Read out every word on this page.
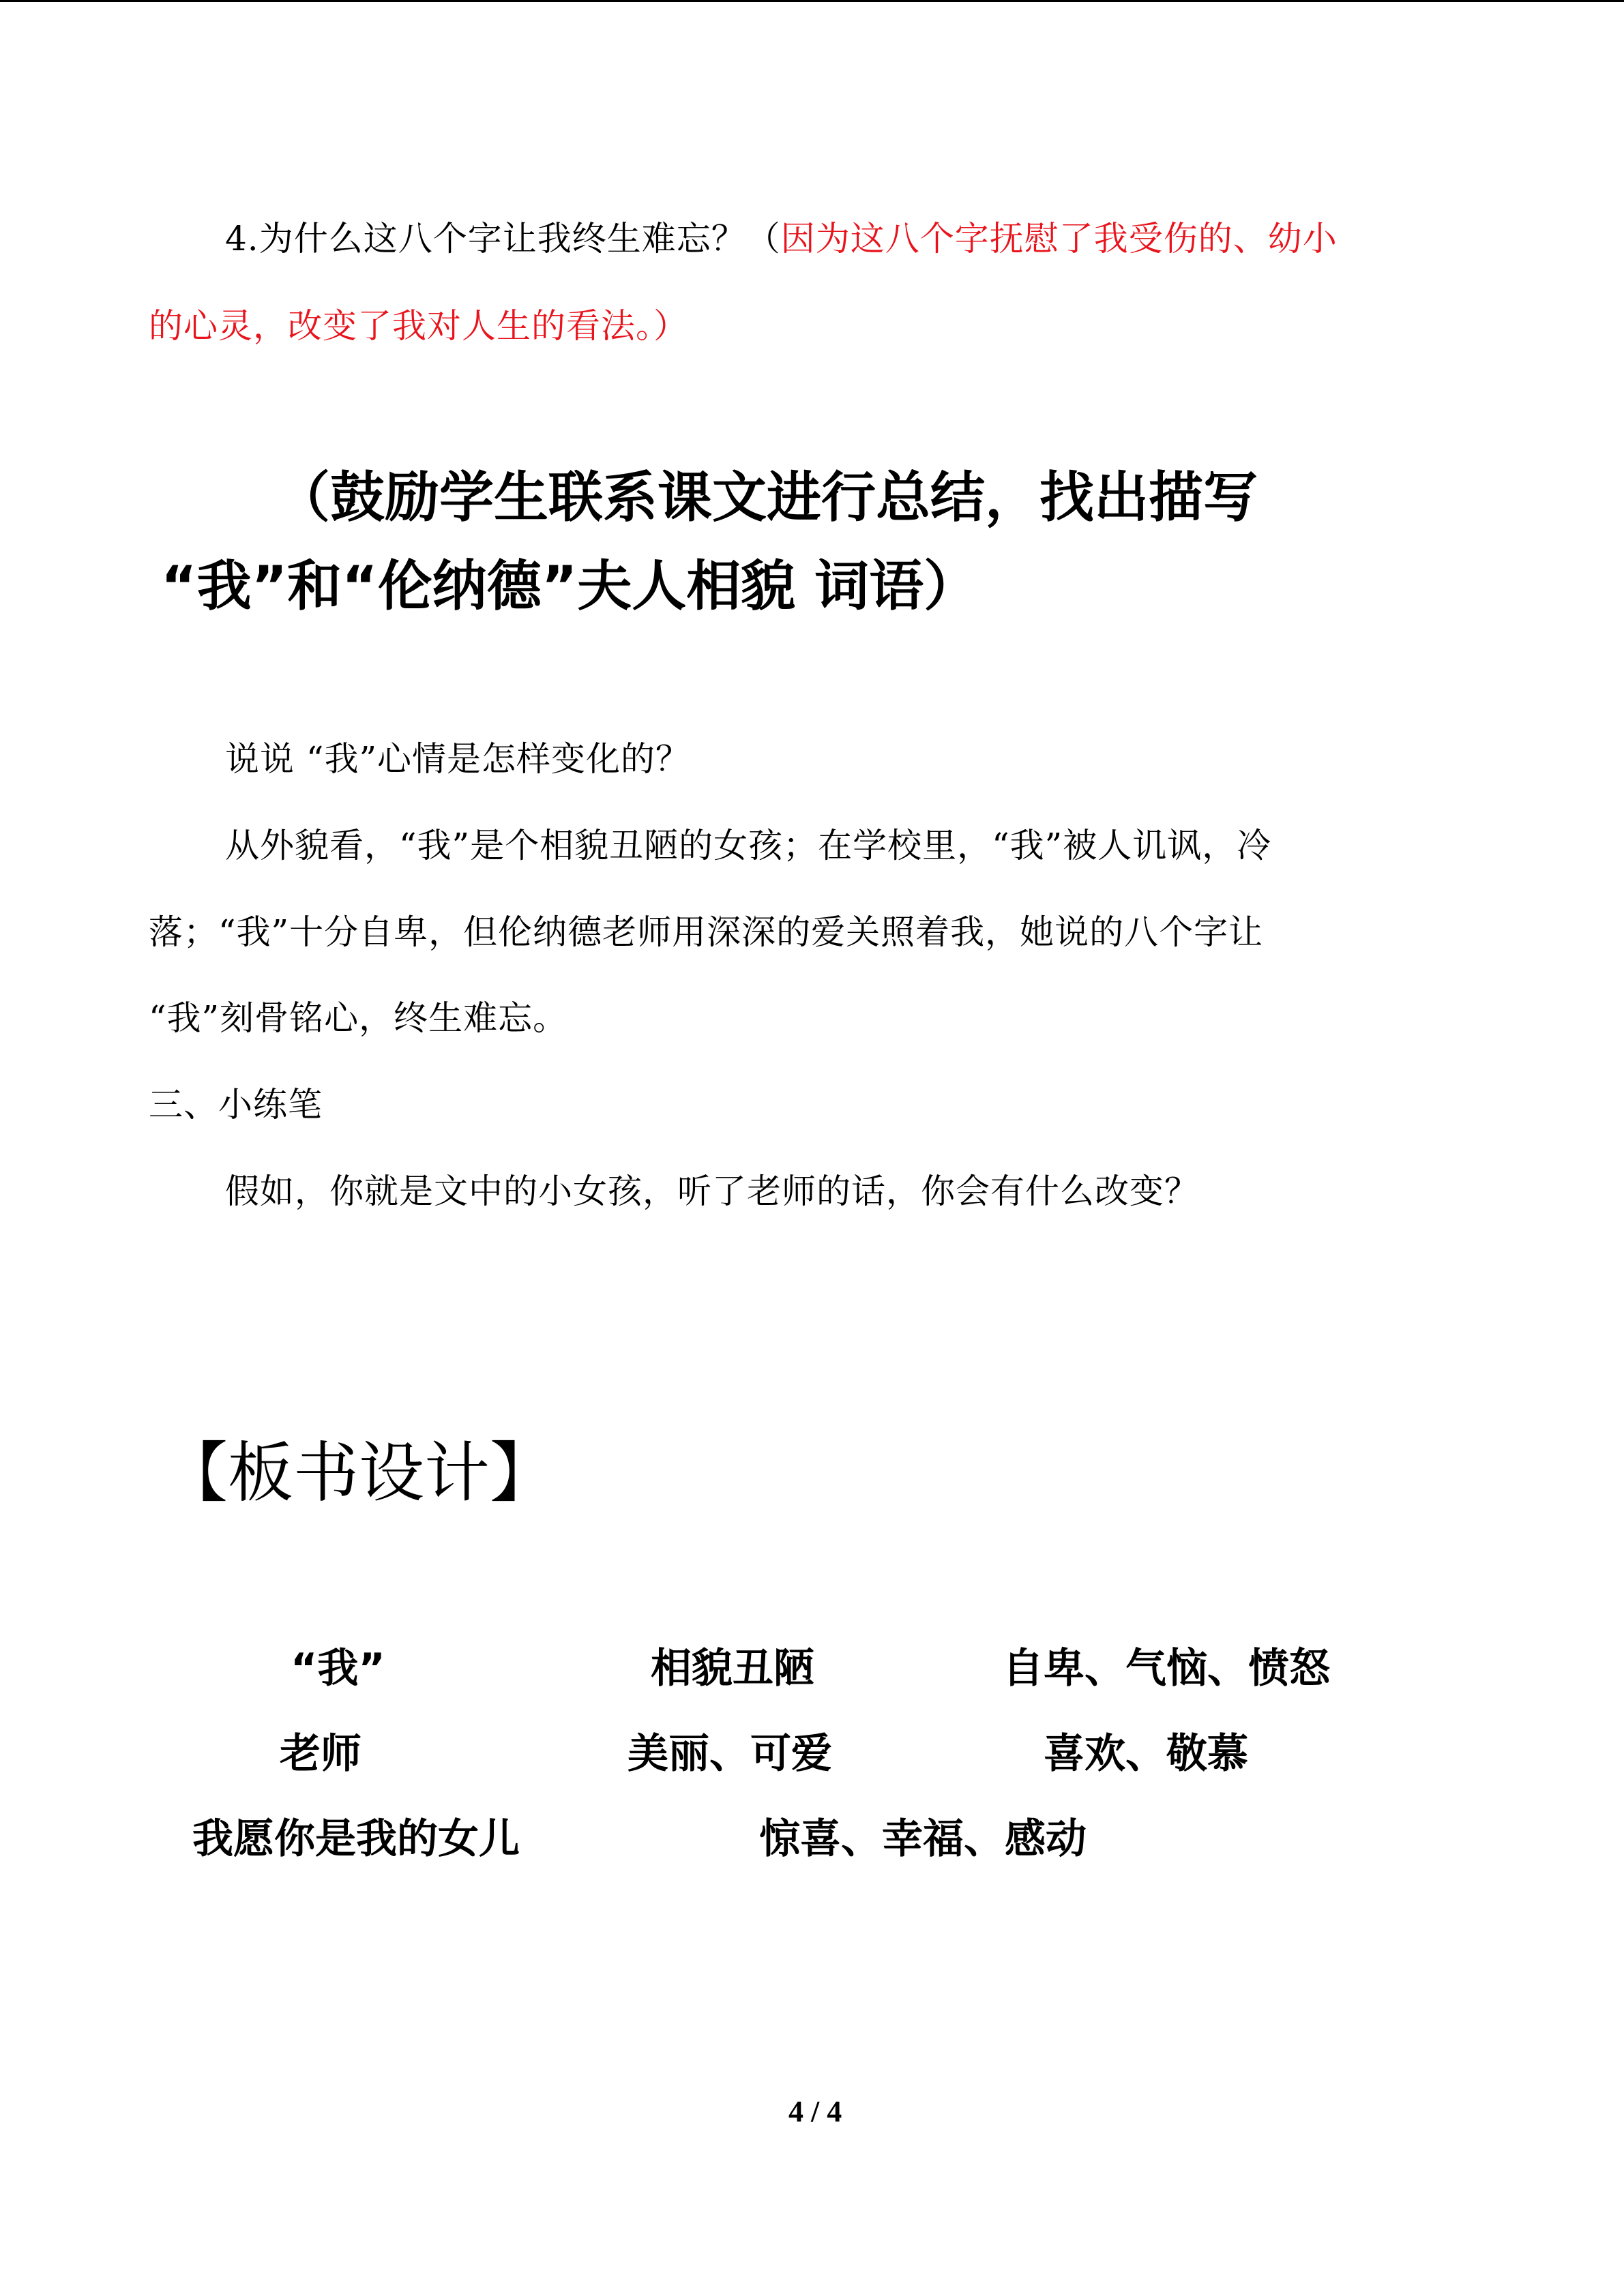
4.为什么这八个字让我终生难忘？（因为这八个字抚慰了我受伤的、幼小
的心灵，改变了我对人生的看法。）
（鼓励学生联系课文进行总结，找出描写
“我”和“伦纳德”夫人相貌 词语）
说说 “我”心情是怎样变化的？
从外貌看，“我”是个相貌丑陋的女孩；在学校里，“我”被人讥讽，冷
落；“我”十分自卑，但伦纳德老师用深深的爱关照着我，她说的八个字让
“我”刻骨铭心，终生难忘。
三、小练笔
假如，你就是文中的小女孩，听了老师的话，你会有什么改变？
【板书设计】
“我”	相貌丑陋	自卑、气恼、愤怒
老师	美丽、可爱	喜欢、敬慕
我愿你是我的女儿	惊喜、幸福、感动
4 / 4
